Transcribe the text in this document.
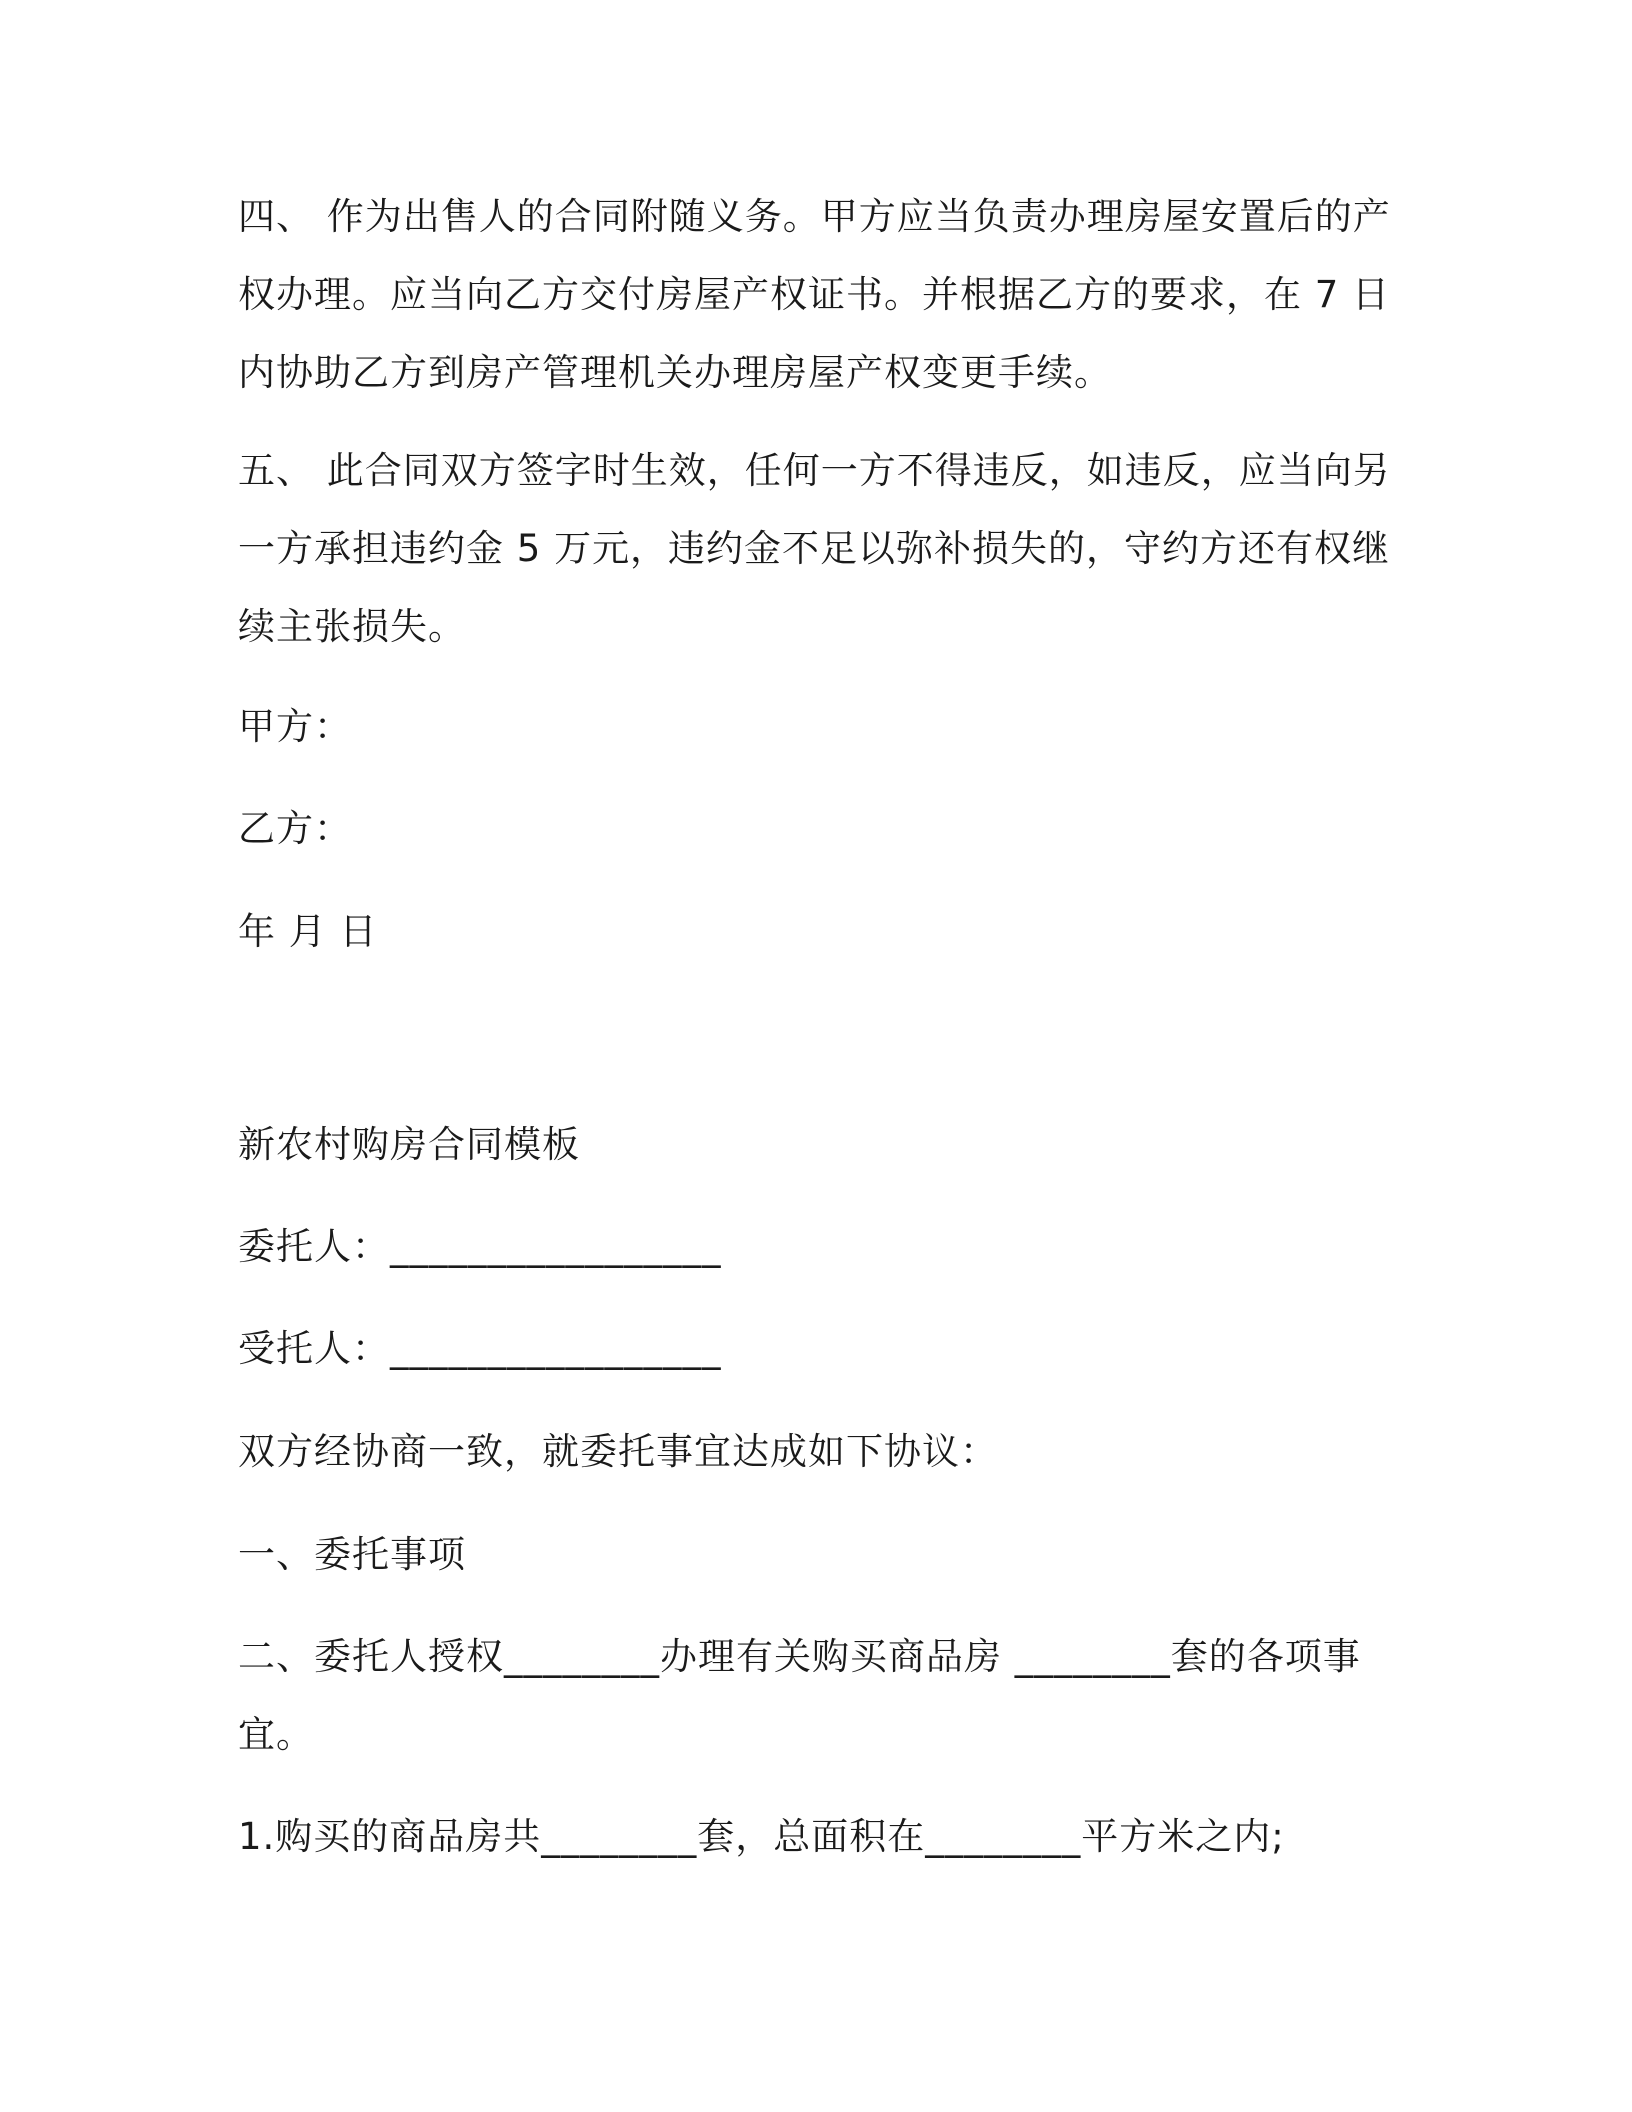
四、 作为出售人的合同附随义务。甲方应当负责办理房屋安置后的产
权办理。应当向乙方交付房屋产权证书。并根据乙方的要求，在 7 日
内协助乙方到房产管理机关办理房屋产权变更手续。
五、 此合同双方签字时生效，任何一方不得违反，如违反，应当向另
一方承担违约金 5 万元，违约金不足以弥补损失的，守约方还有权继
续主张损失。
甲方：
乙方：
年 月 日
新农村购房合同模板
委托人：_________________
受托人：_________________
双方经协商一致，就委托事宜达成如下协议：
一、委托事项
二、委托人授权________办理有关购买商品房 ________套的各项事
宜。
1.购买的商品房共________套，总面积在________平方米之内;
